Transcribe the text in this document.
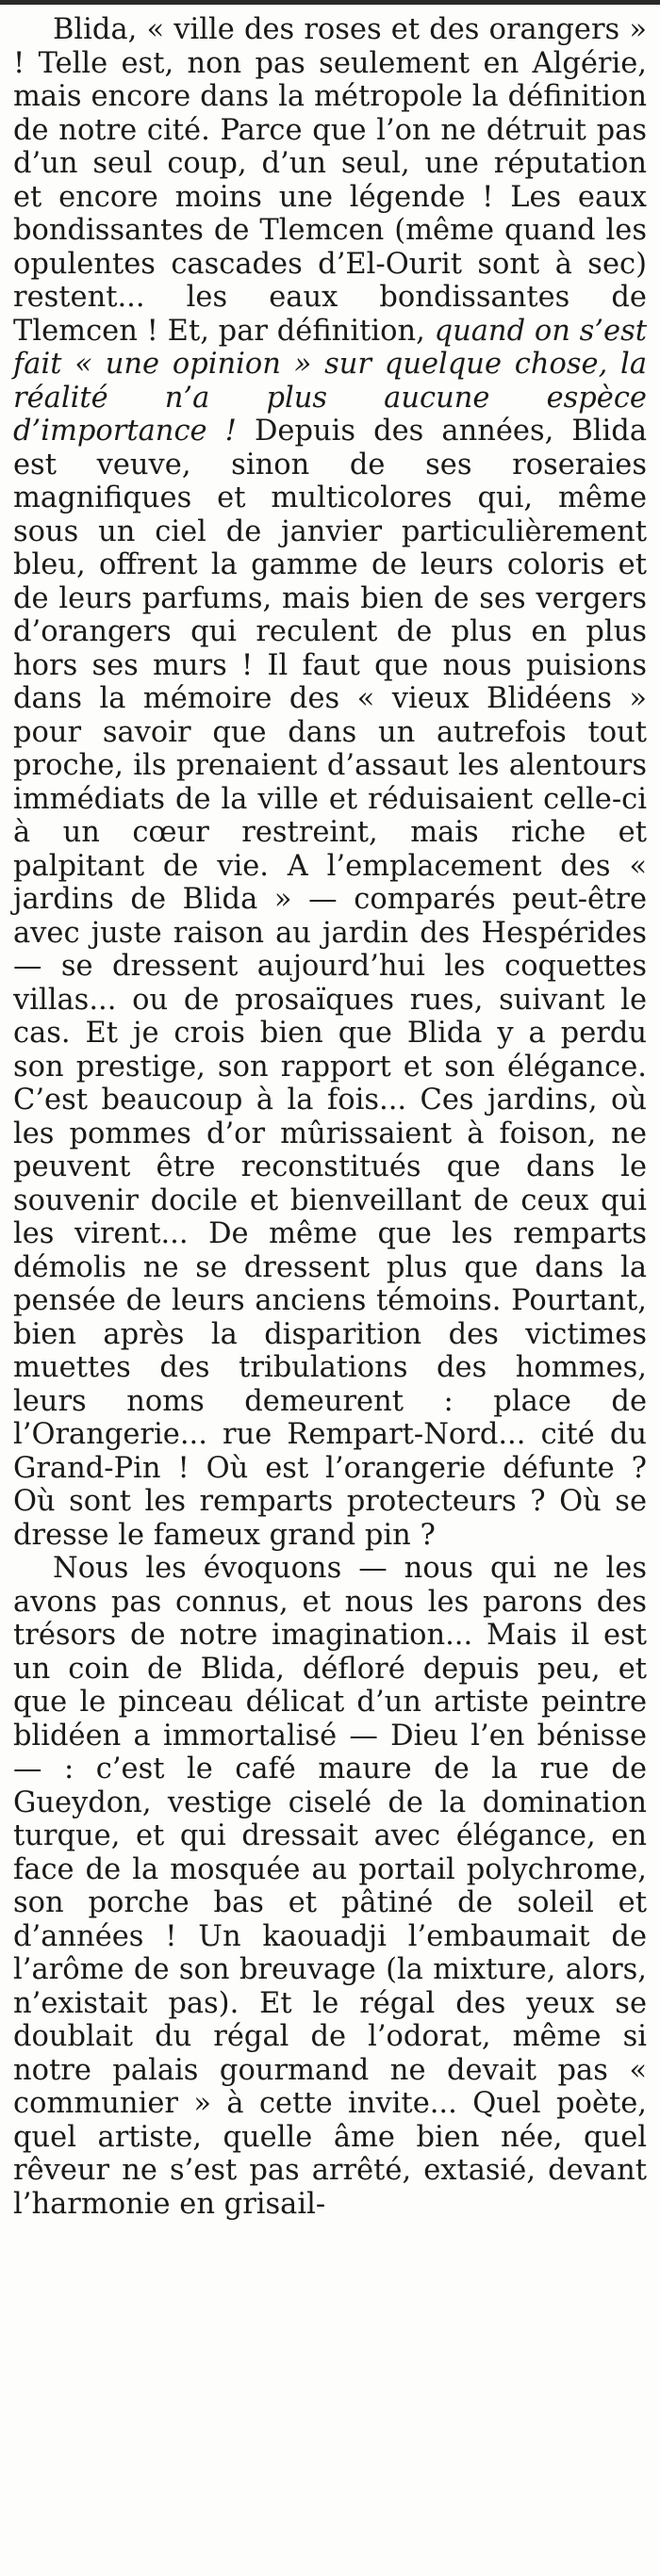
Blida, « ville des roses et des orangers » ! Telle est, non pas seulement en Algérie, mais encore dans la métropole la définition de notre cité. Parce que l’on ne détruit pas d’un seul coup, d’un seul, une réputation et encore moins une légende ! Les eaux bondissantes de Tlemcen (même quand les opulentes cascades d’El-Ourit sont à sec) restent... les eaux bondissantes de Tlemcen ! Et, par définition, quand on s’est fait « une opinion » sur quelque chose, la réalité n’a plus aucune espèce d’importance ! Depuis des années, Blida est veuve, sinon de ses roseraies magnifiques et multicolores qui, même sous un ciel de janvier particulièrement bleu, offrent la gamme de leurs coloris et de leurs parfums, mais bien de ses vergers d’orangers qui reculent de plus en plus hors ses murs ! Il faut que nous puisions dans la mémoire des « vieux Blidéens » pour savoir que dans un autrefois tout proche, ils prenaient d’assaut les alentours immédiats de la ville et réduisaient celle-ci à un cœur restreint, mais riche et palpitant de vie. A l’emplacement des « jardins de Blida » — comparés peut-être avec juste raison au jardin des Hespérides — se dressent aujourd’hui les coquettes villas... ou de prosaïques rues, suivant le cas. Et je crois bien que Blida y a perdu son prestige, son rapport et son élégance. C’est beaucoup à la fois... Ces jardins, où les pommes d’or mûrissaient à foison, ne peuvent être reconstitués que dans le souvenir docile et bienveillant de ceux qui les virent... De même que les remparts démolis ne se dressent plus que dans la pensée de leurs anciens témoins. Pourtant, bien après la disparition des victimes muettes des tribulations des hommes, leurs noms demeurent : place de l’Orangerie... rue Rempart-Nord... cité du Grand-Pin ! Où est l’orangerie défunte ? Où sont les remparts protecteurs ? Où se dresse le fameux grand pin ?

Nous les évoquons — nous qui ne les avons pas connus, et nous les parons des trésors de notre imagination... Mais il est un coin de Blida, défloré depuis peu, et que le pinceau délicat d’un artiste peintre blidéen a immortalisé — Dieu l’en bénisse — : c’est le café maure de la rue de Gueydon, vestige ciselé de la domination turque, et qui dressait avec élégance, en face de la mosquée au portail polychrome, son porche bas et pâtiné de soleil et d’années ! Un kaouadji l’embaumait de l’arôme de son breuvage (la mixture, alors, n’existait pas). Et le régal des yeux se doublait du régal de l’odorat, même si notre palais gourmand ne devait pas « communier » à cette invite... Quel poète, quel artiste, quelle âme bien née, quel rêveur ne s’est pas arrêté, extasié, devant l’harmonie en grisail-
